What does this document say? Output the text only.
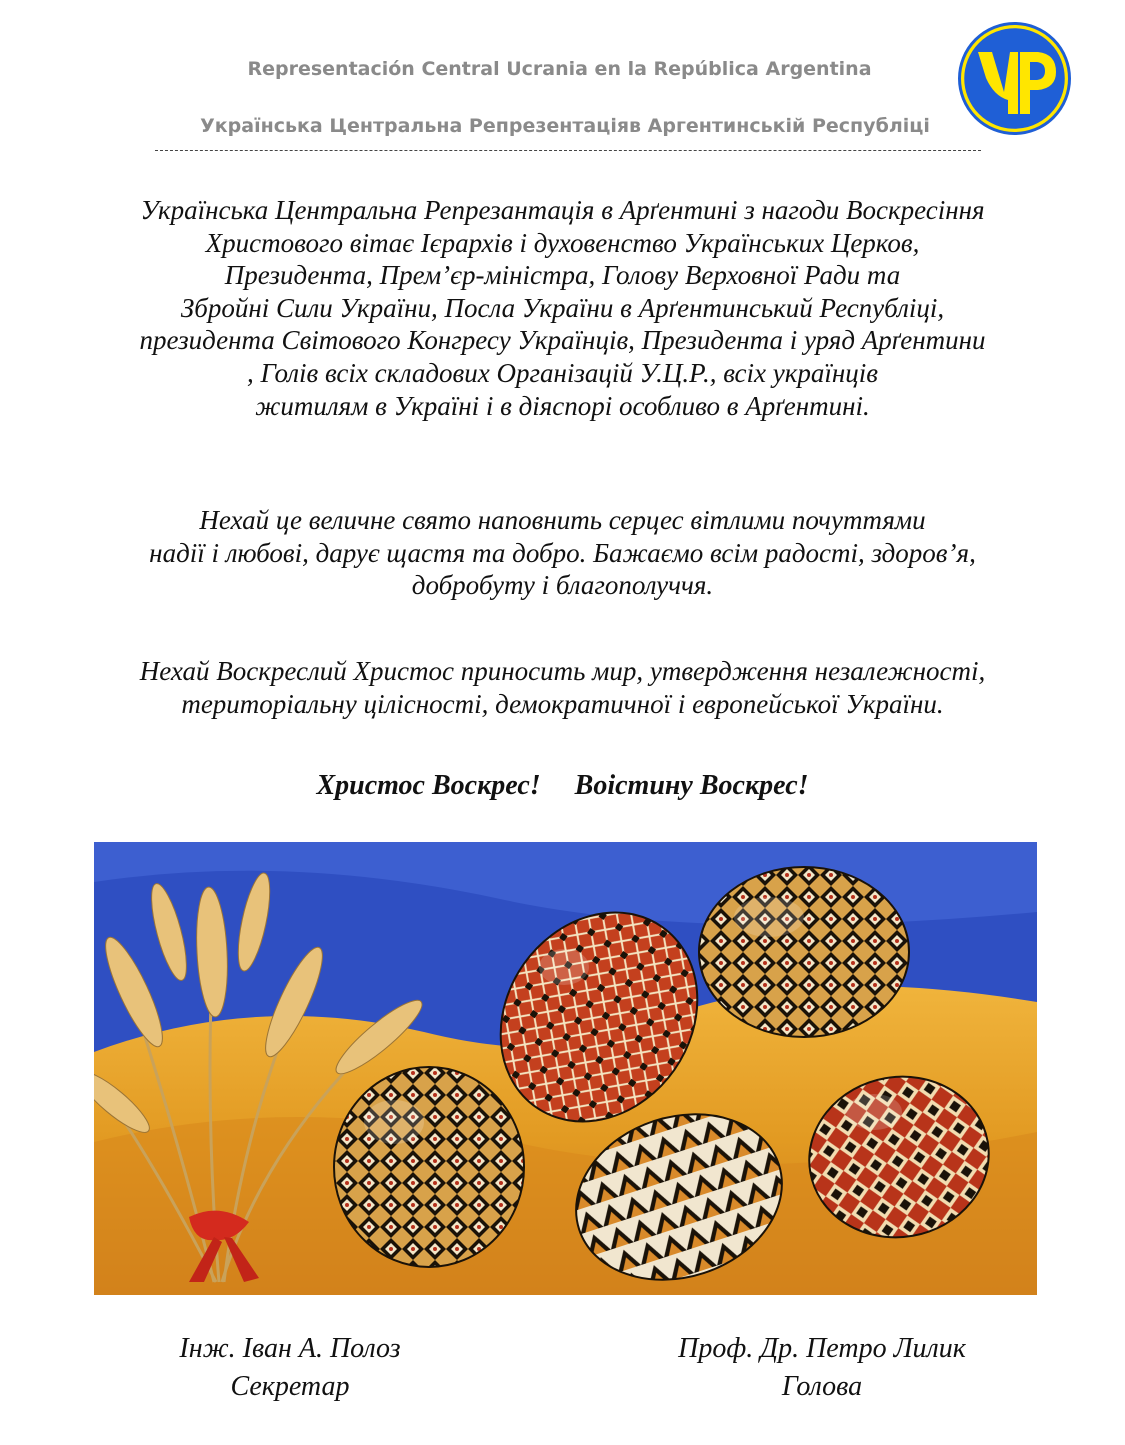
Representación Central Ucrania en la República Argentina
Українська Центральна Репрезентаціяв Аргентинській Республіці
Українська Центральна Репрезантація в Арґентині з нагоди Воскресіння
Христового вітає Ієрархів і духовенство Українських Церков,
Президента, Прем’єр-міністра, Голову Верховної Ради та
Збройні Сили України, Посла України в Арґентинський Республіці,
президента Світового Конгресу Українців, Президента і уряд Арґентини
, Голів всіх складових Організацій У.Ц.Р., всіх українців
житилям в Україні і в діяспорі особливо в Арґентині.
Нехай це величне свято наповнить серцес вітлими почуттями
надії і любові, дарує щастя та добро. Бажаємо всім радості, здоров’я,
добробуту і благополуччя.
Нехай Воскреслий Христос приносить мир, утвердження незалежності,
територіальну цілісності, демократичної і европейської України.
Христос Воскрес! Воістину Воскрес!
Інж. Іван А. Полоз
Секретар
Проф. Др. Петро Лилик
Голова
